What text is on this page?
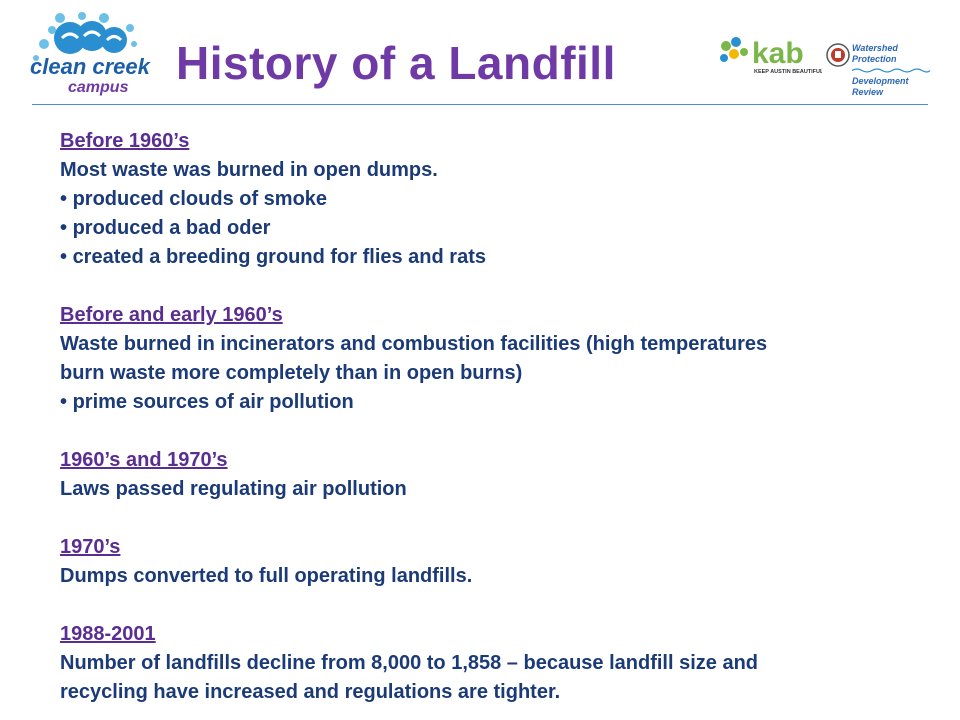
clean creek
campus History of a Landfill	kab
KEEP AUSTIN BEAUTIFUL
Watershed Protection
Development Review

Before 1960’s

Most waste was burned in open dumps.

• produced clouds of smoke

• produced a bad oder

• created a breeding ground for flies and rats

Before and early 1960’s

Waste burned in incinerators and combustion facilities (high temperatures

burn waste more completely than in open burns)

• prime sources of air pollution

1960’s and 1970’s

Laws passed regulating air pollution

1970’s

Dumps converted to full operating landfills.

1988-2001

Number of landfills decline from 8,000 to 1,858 – because landfill size and

recycling have increased and regulations are tighter.
